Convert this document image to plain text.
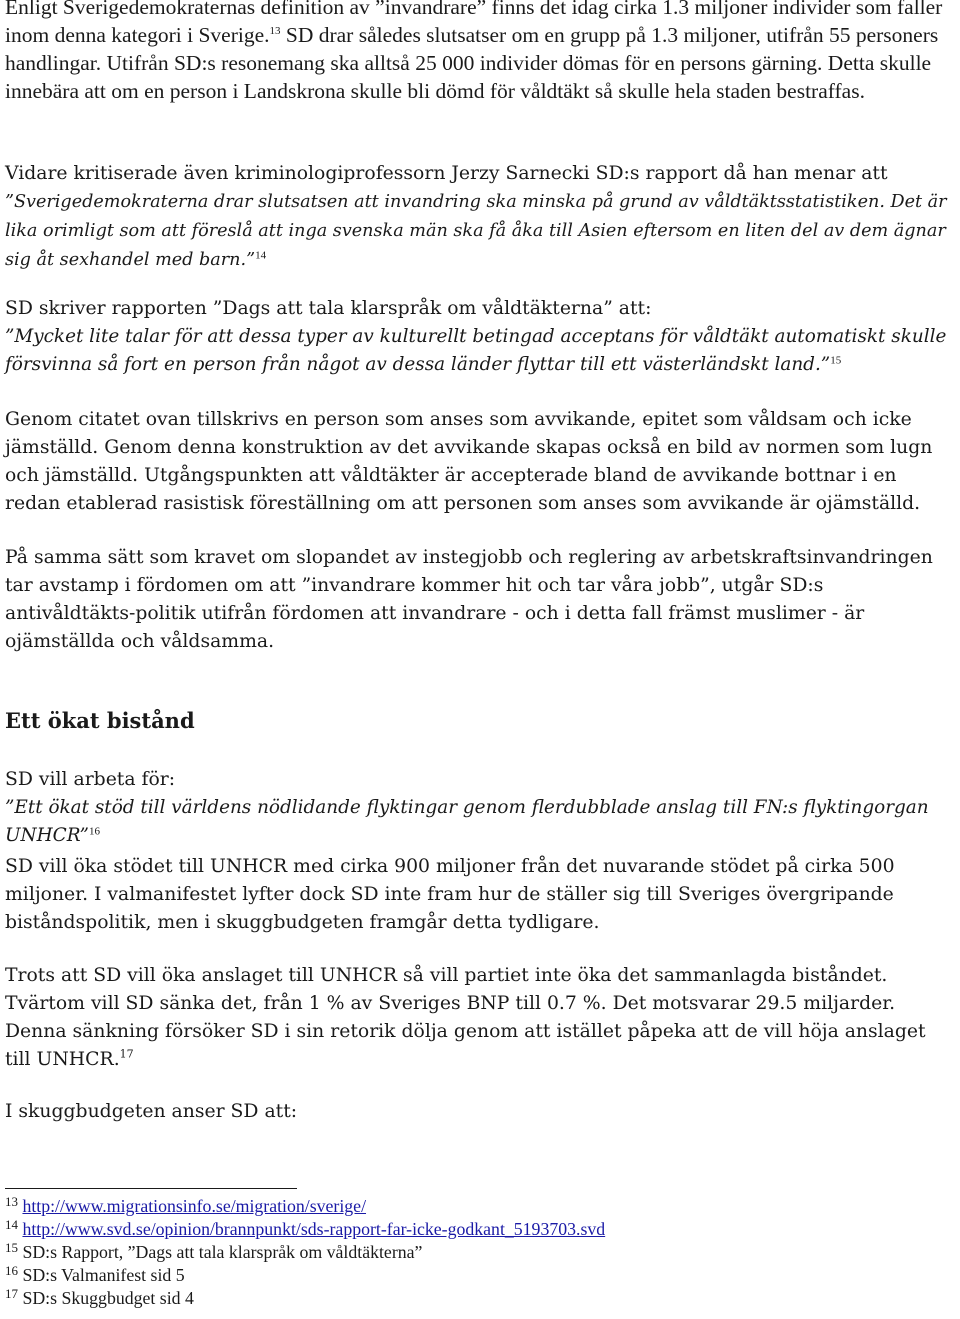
Enligt Sverigedemokraternas definition av ”invandrare” finns det idag cirka 1.3 miljoner individer som faller inom denna kategori i Sverige.$^{13}$ SD drar således slutsatser om en grupp på 1.3 miljoner, utifrån 55 personers handlingar. Utifrån SD:s resonemang ska alltså 25 000 individer dömas för en persons gärning. Detta skulle innebära att om en person i Landskrona skulle bli dömd för våldtäkt så skulle hela staden bestraffas.

Vidare kritiserade även kriminologiprofessorn Jerzy Sarnecki SD:s rapport då han menar att ”Sverigedemokraterna drar slutsatsen att invandring ska minska på grund av våldtäktsstatistiken. Det är lika orimligt som att föreslå att inga svenska män ska få åka till Asien eftersom en liten del av dem ägnar sig åt sexhandel med barn.”$^{14}$

SD skriver rapporten ”Dags att tala klarspråk om våldtäkterna” att:
”Mycket lite talar för att dessa typer av kulturellt betingad acceptans för våldtäkt automatiskt skulle försvinna så fort en person från något av dessa länder flyttar till ett västerländskt land.”$^{15}$

Genom citatet ovan tillskrivs en person som anses som avvikande, epitet som våldsam och icke jämställd. Genom denna konstruktion av det avvikande skapas också en bild av normen som lugn och jämställd. Utgångspunkten att våldtäkter är accepterade bland de avvikande bottnar i en redan etablerad rasistisk föreställning om att personen som anses som avvikande är ojämställd.

På samma sätt som kravet om slopandet av instegjobb och reglering av arbetskraftsinvandringen tar avstamp i fördomen om att ”invandrare kommer hit och tar våra jobb”, utgår SD:s antivåldtäkts-politik utifrån fördomen att invandrare - och i detta fall främst muslimer - är ojämställda och våldsamma.

Ett ökat bistånd

SD vill arbeta för:
”Ett ökat stöd till världens nödlidande flyktingar genom flerdubblade anslag till FN:s flyktingorgan UNHCR”$^{16}$

SD vill öka stödet till UNHCR med cirka 900 miljoner från det nuvarande stödet på cirka 500 miljoner. I valmanifestet lyfter dock SD inte fram hur de ställer sig till Sveriges övergripande biståndspolitik, men i skuggbudgeten framgår detta tydligare.

Trots att SD vill öka anslaget till UNHCR så vill partiet inte öka det sammanlagda biståndet. Tvärtom vill SD sänka det, från 1 % av Sveriges BNP till 0.7 %. Det motsvarar 29.5 miljarder. Denna sänkning försöker SD i sin retorik dölja genom att istället påpeka att de vill höja anslaget till UNHCR.$^{17}$

I skuggbudgeten anser SD att:

$^{13}$ http://www.migrationsinfo.se/migration/sverige/
$^{14}$ http://www.svd.se/opinion/brannpunkt/sds-rapport-far-icke-godkant_5193703.svd
$^{15}$ SD:s Rapport, ”Dags att tala klarspråk om våldtäkterna”
$^{16}$ SD:s Valmanifest sid 5
$^{17}$ SD:s Skuggbudget sid 4
